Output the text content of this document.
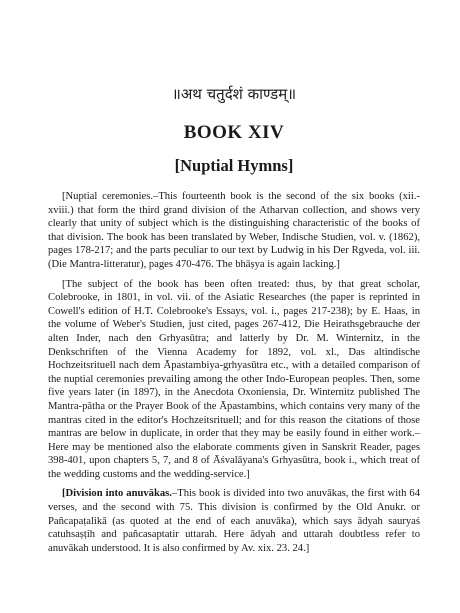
॥अथ चतुर्दशं काण्डम्॥
BOOK XIV
[Nuptial Hymns]

[Nuptial ceremonies.–This fourteenth book is the second of the six books (xii.-xviii.) that form the third grand division of the Atharvan collection, and shows very clearly that unity of subject which is the distinguishing characteristic of the books of that division. The book has been translated by Weber, Indische Studien, vol. v. (1862), pages 178-217; and the parts peculiar to our text by Ludwig in his Der Rgveda, vol. iii. (Die Mantra-litteratur), pages 470-476. The bhāṣya is again lacking.]

[The subject of the book has been often treated: thus, by that great scholar, Colebrooke, in 1801, in vol. vii. of the Asiatic Researches (the paper is reprinted in Cowell's edition of H.T. Colebrooke's Essays, vol. i., pages 217-238); by E. Haas, in the volume of Weber's Studien, just cited, pages 267-412, Die Heirathsgebrauche der alten Inder, nach den Grhyasūtra; and latterly by Dr. M. Winternitz, in the Denkschriften of the Vienna Academy for 1892, vol. xl., Das altindische Hochzeitsrituell nach dem Āpastambiya-grhyasūtra etc., with a detailed comparison of the nuptial ceremonies prevailing among the other Indo-European peoples. Then, some five years later (in 1897), in the Anecdota Oxoniensia, Dr. Winternitz published The Mantra-pātha or the Prayer Book of the Āpastambins, which contains very many of the mantras cited in the editor's Hochzeitsrituell; and for this reason the citations of those mantras are below in duplicate, in order that they may be easily found in either work.–Here may be mentioned also the elaborate comments given in Sanskrit Reader, pages 398-401, upon chapters 5, 7, and 8 of Āśvalāyana's Grhyasūtra, book i., which treat of the wedding customs and the wedding-service.]

[Division into anuvākas.–This book is divided into two anuvākas, the first with 64 verses, and the second with 75. This division is confirmed by the Old Anukr. or Pañcapaṭalikā (as quoted at the end of each anuvāka), which says ādyah sauryaś catuhsaṣṭih and pañcasaptatir uttarah. Here ādyah and uttarah doubtless refer to anuvākah understood. It is also confirmed by Av. xix. 23. 24.]
